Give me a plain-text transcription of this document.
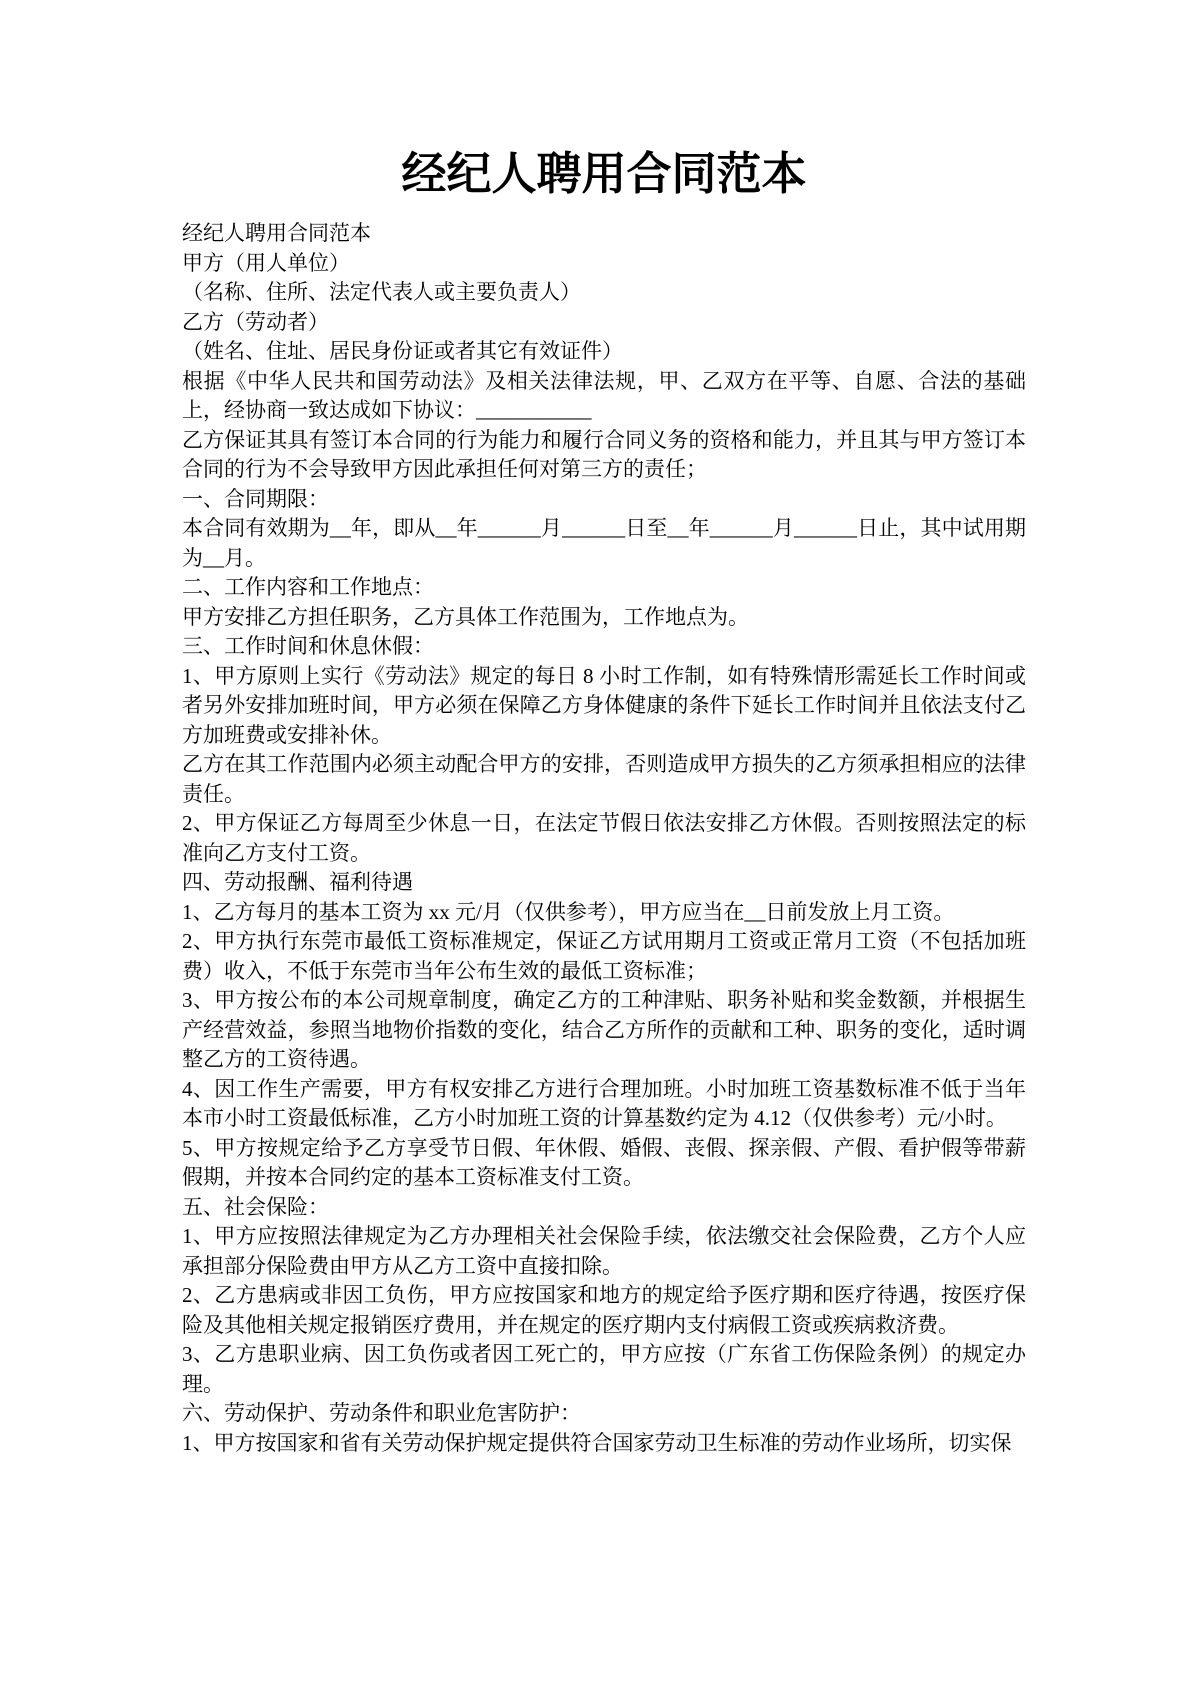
经纪人聘用合同范本

经纪人聘用合同范本

甲方（用人单位）

（名称、住所、法定代表人或主要负责人）

乙方（劳动者）

（姓名、住址、居民身份证或者其它有效证件）

根据《中华人民共和国劳动法》及相关法律法规，甲、乙双方在平等、自愿、合法的基础上，经协商一致达成如下协议：___________

乙方保证其具有签订本合同的行为能力和履行合同义务的资格和能力，并且其与甲方签订本合同的行为不会导致甲方因此承担任何对第三方的责任；

一、合同期限：

本合同有效期为__年，即从__年______月______日至__年______月______日止，其中试用期为__月。

二、工作内容和工作地点：

甲方安排乙方担任职务，乙方具体工作范围为，工作地点为。

三、工作时间和休息休假：

1、甲方原则上实行《劳动法》规定的每日 8 小时工作制，如有特殊情形需延长工作时间或者另外安排加班时间，甲方必须在保障乙方身体健康的条件下延长工作时间并且依法支付乙方加班费或安排补休。

乙方在其工作范围内必须主动配合甲方的安排，否则造成甲方损失的乙方须承担相应的法律责任。

2、甲方保证乙方每周至少休息一日，在法定节假日依法安排乙方休假。否则按照法定的标准向乙方支付工资。

四、劳动报酬、福利待遇

1、乙方每月的基本工资为 xx 元/月（仅供参考），甲方应当在__日前发放上月工资。

2、甲方执行东莞市最低工资标准规定，保证乙方试用期月工资或正常月工资（不包括加班费）收入，不低于东莞市当年公布生效的最低工资标准；

3、甲方按公布的本公司规章制度，确定乙方的工种津贴、职务补贴和奖金数额，并根据生产经营效益，参照当地物价指数的变化，结合乙方所作的贡献和工种、职务的变化，适时调整乙方的工资待遇。

4、因工作生产需要，甲方有权安排乙方进行合理加班。小时加班工资基数标准不低于当年本市小时工资最低标准，乙方小时加班工资的计算基数约定为 4.12（仅供参考）元/小时。

5、甲方按规定给予乙方享受节日假、年休假、婚假、丧假、探亲假、产假、看护假等带薪假期，并按本合同约定的基本工资标准支付工资。

五、社会保险：

1、甲方应按照法律规定为乙方办理相关社会保险手续，依法缴交社会保险费，乙方个人应承担部分保险费由甲方从乙方工资中直接扣除。

2、乙方患病或非因工负伤，甲方应按国家和地方的规定给予医疗期和医疗待遇，按医疗保险及其他相关规定报销医疗费用，并在规定的医疗期内支付病假工资或疾病救济费。

3、乙方患职业病、因工负伤或者因工死亡的，甲方应按（广东省工伤保险条例）的规定办理。

六、劳动保护、劳动条件和职业危害防护：

1、甲方按国家和省有关劳动保护规定提供符合国家劳动卫生标准的劳动作业场所，切实保
